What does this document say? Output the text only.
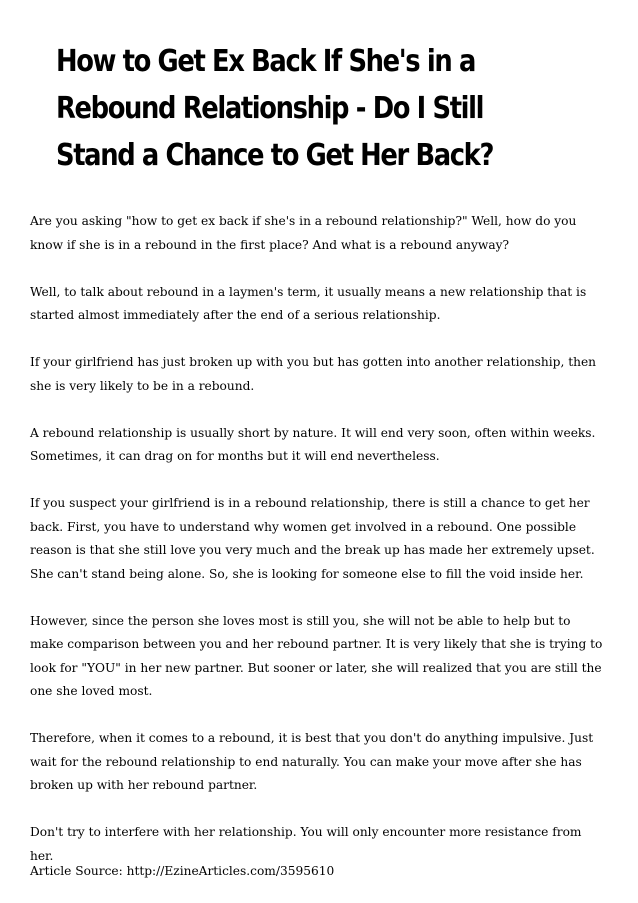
How to Get Ex Back If She's in a Rebound Relationship - Do I Still Stand a Chance to Get Her Back?

Are you asking "how to get ex back if she's in a rebound relationship?" Well, how do you know if she is in a rebound in the first place? And what is a rebound anyway?

Well, to talk about rebound in a laymen's term, it usually means a new relationship that is started almost immediately after the end of a serious relationship.

If your girlfriend has just broken up with you but has gotten into another relationship, then she is very likely to be in a rebound.

A rebound relationship is usually short by nature. It will end very soon, often within weeks. Sometimes, it can drag on for months but it will end nevertheless.

If you suspect your girlfriend is in a rebound relationship, there is still a chance to get her back. First, you have to understand why women get involved in a rebound. One possible reason is that she still love you very much and the break up has made her extremely upset. She can't stand being alone. So, she is looking for someone else to fill the void inside her.

However, since the person she loves most is still you, she will not be able to help but to make comparison between you and her rebound partner. It is very likely that she is trying to look for "YOU" in her new partner. But sooner or later, she will realized that you are still the one she loved most.

Therefore, when it comes to a rebound, it is best that you don't do anything impulsive. Just wait for the rebound relationship to end naturally. You can make your move after she has broken up with her rebound partner.

Don't try to interfere with her relationship. You will only encounter more resistance from her.

Article Source: http://EzineArticles.com/3595610
